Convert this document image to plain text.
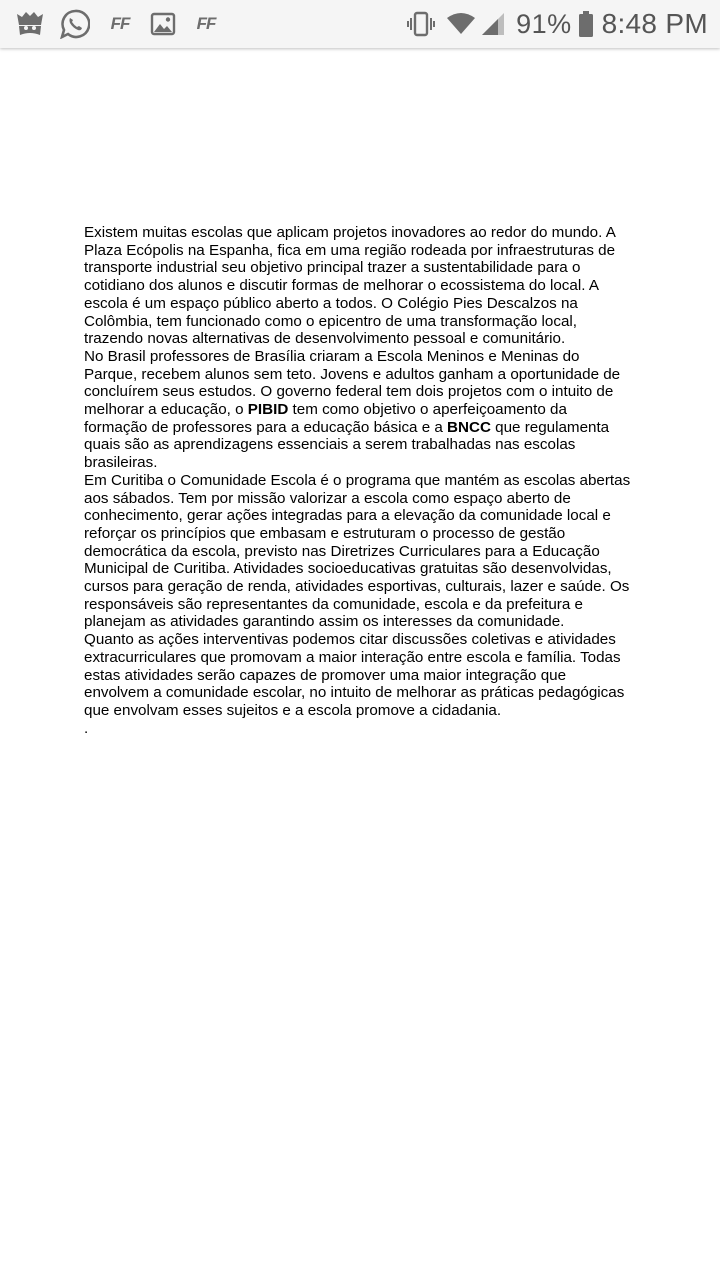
FF	FF	91% 8:48 PM

Existem muitas escolas que aplicam projetos inovadores ao redor do mundo. A Plaza Ecópolis na Espanha, fica em uma região rodeada por infraestruturas de transporte industrial seu objetivo principal trazer a sustentabilidade para o cotidiano dos alunos e discutir formas de melhorar o ecossistema do local. A escola é um espaço público aberto a todos. O Colégio Pies Descalzos na Colômbia, tem funcionado como o epicentro de uma transformação local, trazendo novas alternativas de desenvolvimento pessoal e comunitário.

No Brasil professores de Brasília criaram a Escola Meninos e Meninas do Parque, recebem alunos sem teto. Jovens e adultos ganham a oportunidade de concluírem seus estudos. O governo federal tem dois projetos com o intuito de melhorar a educação, o PIBID tem como objetivo o aperfeiçoamento da formação de professores para a educação básica e a BNCC que regulamenta quais são as aprendizagens essenciais a serem trabalhadas nas escolas brasileiras.

Em Curitiba o Comunidade Escola é o programa que mantém as escolas abertas aos sábados. Tem por missão valorizar a escola como espaço aberto de conhecimento, gerar ações integradas para a elevação da comunidade local e reforçar os princípios que embasam e estruturam o processo de gestão democrática da escola, previsto nas Diretrizes Curriculares para a Educação Municipal de Curitiba. Atividades socioeducativas gratuitas são desenvolvidas, cursos para geração de renda, atividades esportivas, culturais, lazer e saúde. Os responsáveis são representantes da comunidade, escola e da prefeitura e planejam as atividades garantindo assim os interesses da comunidade.

Quanto as ações interventivas podemos citar discussões coletivas e atividades extracurriculares que promovam a maior interação entre escola e família. Todas estas atividades serão capazes de promover uma maior integração que envolvem a comunidade escolar, no intuito de melhorar as práticas pedagógicas que envolvam esses sujeitos e a escola promove a cidadania.

.
